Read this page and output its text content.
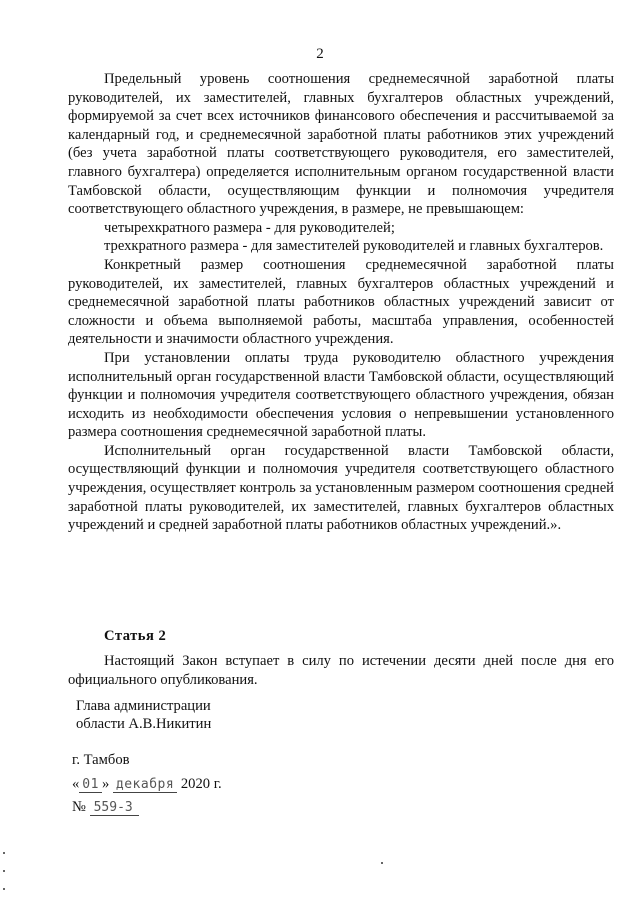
2

Предельный уровень соотношения среднемесячной заработной платы руководителей, их заместителей, главных бухгалтеров областных учреждений, формируемой за счет всех источников финансового обеспечения и рассчитываемой за календарный год, и среднемесячной заработной платы работников этих учреждений (без учета заработной платы соответствующего руководителя, его заместителей, главного бухгалтера) определяется исполнительным органом государственной власти Тамбовской области, осуществляющим функции и полномочия учредителя соответствующего областного учреждения, в размере, не превышающем:

четырехкратного размера - для руководителей;

трехкратного размера - для заместителей руководителей и главных бухгалтеров.

Конкретный размер соотношения среднемесячной заработной платы руководителей, их заместителей, главных бухгалтеров областных учреждений и среднемесячной заработной платы работников областных учреждений зависит от сложности и объема выполняемой работы, масштаба управления, особенностей деятельности и значимости областного учреждения.

При установлении оплаты труда руководителю областного учреждения исполнительный орган государственной власти Тамбовской области, осуществляющий функции и полномочия учредителя соответствующего областного учреждения, обязан исходить из необходимости обеспечения условия о непревышении установленного размера соотношения среднемесячной заработной платы.

Исполнительный орган государственной власти Тамбовской области, осуществляющий функции и полномочия учредителя соответствующего областного учреждения, осуществляет контроль за установленным размером соотношения средней заработной платы руководителей, их заместителей, главных бухгалтеров областных учреждений и средней заработной платы работников областных учреждений.».

Статья 2

Настоящий Закон вступает в силу по истечении десяти дней после дня его официального опубликования.

Глава администрации
области А.В.Никитин
г. Тамбов
« 01 » декабря 2020 г.
№ 559-З
